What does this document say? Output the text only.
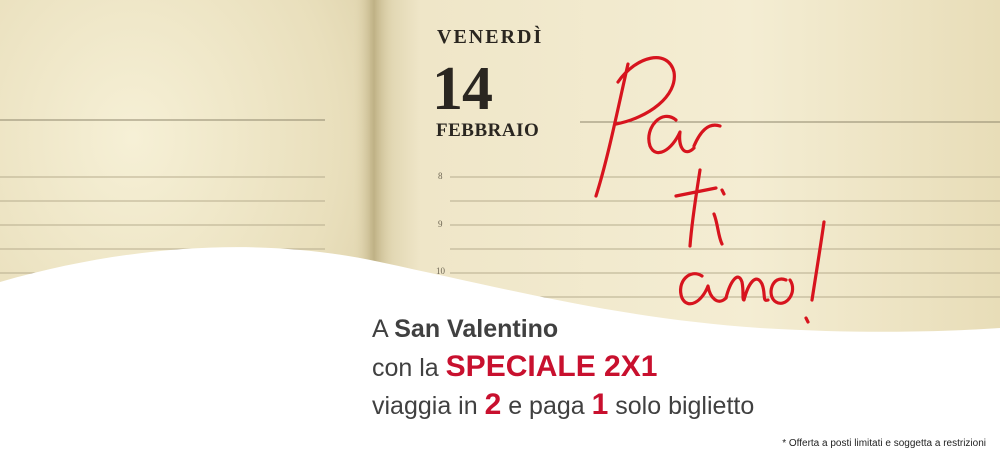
VENERDÌ
14
FEBBRAIO
8
9
10
A San Valentino
con la SPECIALE 2X1
viaggia in 2 e paga 1 solo biglietto
* Offerta a posti limitati e soggetta a restrizioni
